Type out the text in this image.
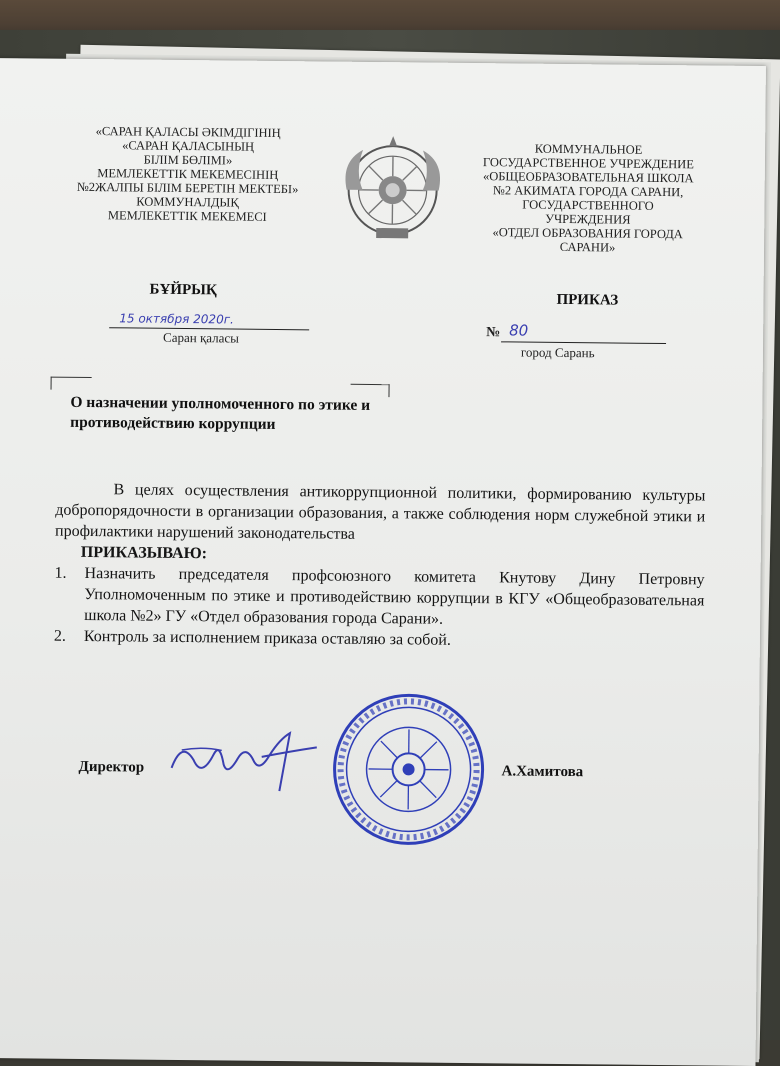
«САРАН ҚАЛАСЫ ӘКІМДІГІНІҢ
«САРАН ҚАЛАСЫНЫҢ
БІЛІМ БӨЛІМІ»
МЕМЛЕКЕТТІК МЕКЕМЕСІНІҢ
№2ЖАЛПЫ БІЛІМ БЕРЕТІН МЕКТЕБІ»
КОММУНАЛДЫҚ
МЕМЛЕКЕТТІК МЕКЕМЕСІ
КОММУНАЛЬНОЕ
ГОСУДАРСТВЕННОЕ УЧРЕЖДЕНИЕ
«ОБЩЕОБРАЗОВАТЕЛЬНАЯ ШКОЛА
№2 АКИМАТА ГОРОДА САРАНИ,
ГОСУДАРСТВЕННОГО
УЧРЕЖДЕНИЯ
«ОТДЕЛ ОБРАЗОВАНИЯ ГОРОДА
САРАНИ»
БҰЙРЫҚ
ПРИКАЗ
15 октября 2020г.
Саран қаласы	№ 80
город Сарань
О назначении уполномоченного по этике и противодействию коррупции

В целях осуществления антикоррупционной политики, формированию культуры добропорядочности в организации образования, а также соблюдения норм служебной этики и профилактики нарушений законодательства

ПРИКАЗЫВАЮ:

1.	Назначить председателя профсоюзного комитета Кнутову Дину Петровну Уполномоченным по этике и противодействию коррупции в КГУ «Общеобразовательная школа №2» ГУ «Отдел образования города Сарани».
2.	Контроль за исполнением приказа оставляю за собой.
Директор	А.Хамитова
